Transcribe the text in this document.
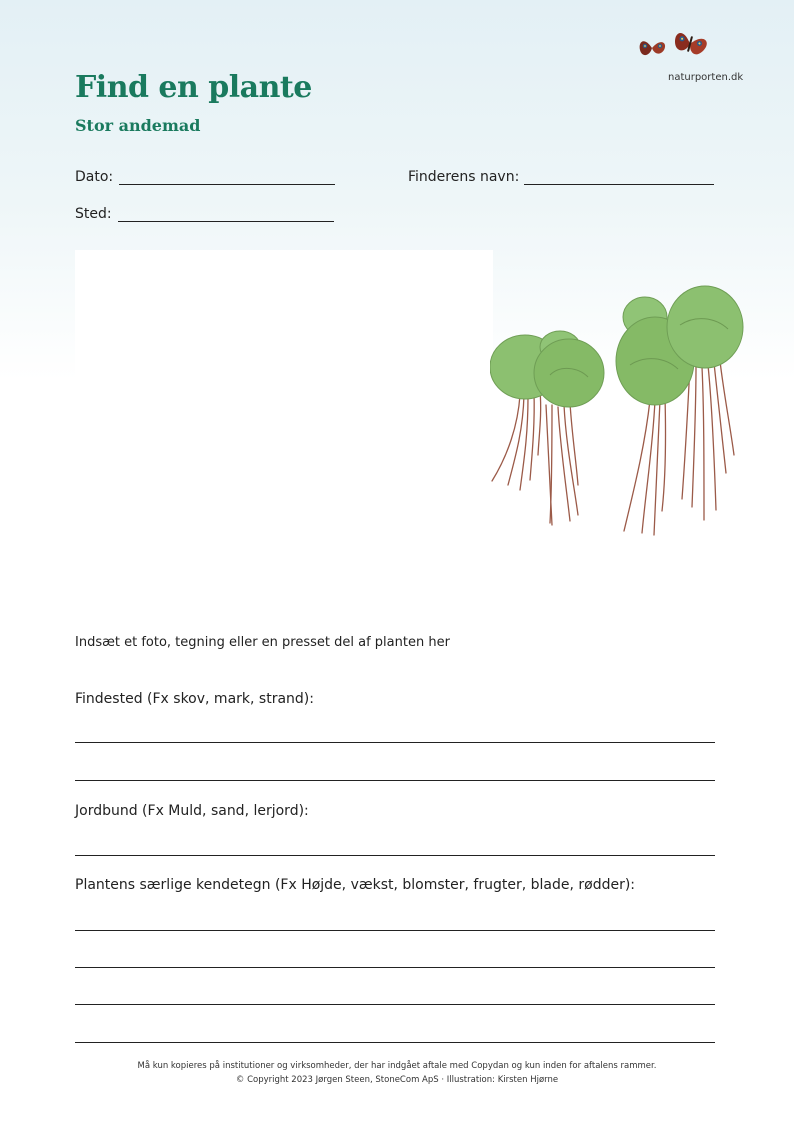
Find en plante
Stor andemad
naturporten.dk
Dato:	Finderens navn:
Sted:
Indsæt et foto, tegning eller en presset del af planten her
Findested (Fx skov, mark, strand):
Jordbund (Fx Muld, sand, lerjord):
Plantens særlige kendetegn (Fx Højde, vækst, blomster, frugter, blade, rødder):
Må kun kopieres på institutioner og virksomheder, der har indgået aftale med Copydan og kun inden for aftalens rammer.
© Copyright 2023 Jørgen Steen, StoneCom ApS · Illustration: Kirsten Hjørne
